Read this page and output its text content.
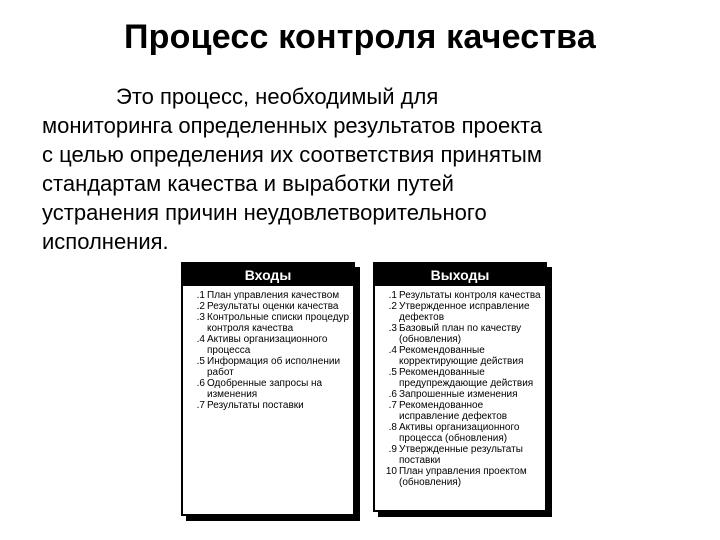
Процесс контроля качества
Это процесс, необходимый для
мониторинга определенных результатов проекта
с целью определения их соответствия принятым
стандартам качества и выработки путей
устранения причин неудовлетворительного
исполнения.
Входы
.1 План управления качеством
.2 Результаты оценки качества
.3 Контрольные списки процедур контроля качества
.4 Активы организационного процесса
.5 Информация об исполнении работ
.6 Одобренные запросы на изменения
.7 Результаты поставки
Выходы
.1 Результаты контроля качества
.2 Утвержденное исправление дефектов
.3 Базовый план по качеству (обновления)
.4 Рекомендованные корректирующие действия
.5 Рекомендованные предупреждающие действия
.6 Запрошенные изменения
.7 Рекомендованное исправление дефектов
.8 Активы организационного процесса (обновления)
.9 Утвержденные результаты поставки
10 План управления проектом (обновления)
